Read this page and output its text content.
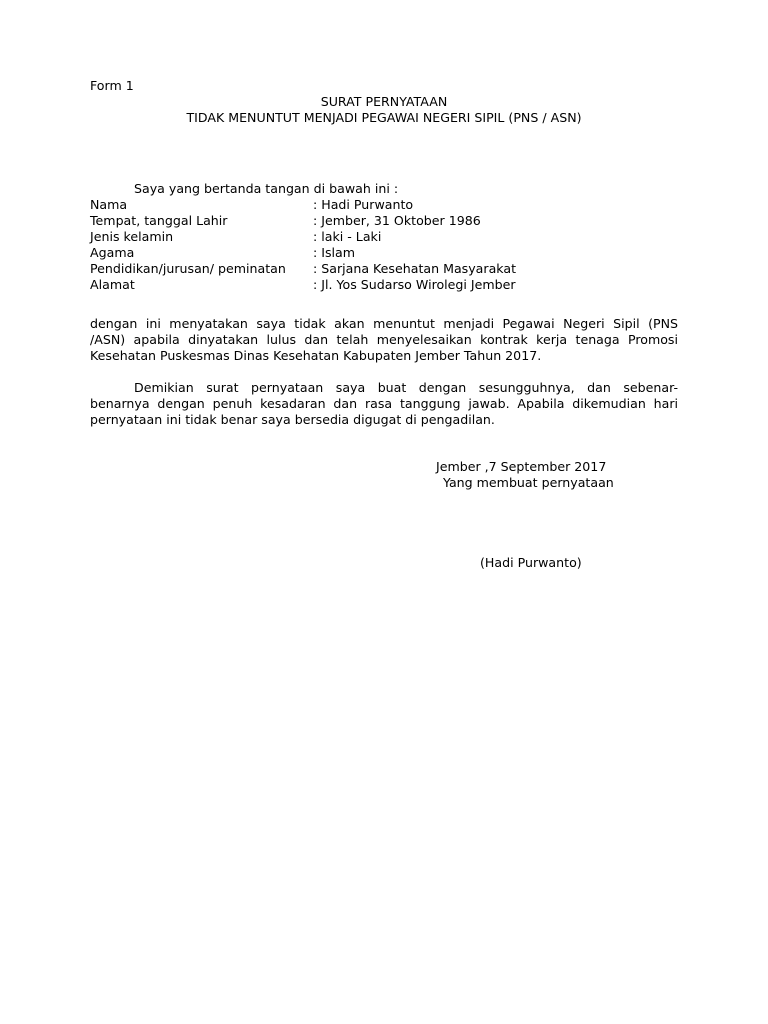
Form 1
SURAT PERNYATAAN
TIDAK MENUNTUT MENJADI PEGAWAI NEGERI SIPIL (PNS / ASN)
Saya yang bertanda tangan di bawah ini :
Nama	: Hadi Purwanto
Tempat, tanggal Lahir	: Jember, 31 Oktober 1986
Jenis kelamin	: laki - Laki
Agama	: Islam
Pendidikan/jurusan/ peminatan : Sarjana Kesehatan Masyarakat
Alamat	: Jl. Yos Sudarso Wirolegi Jember
dengan ini menyatakan saya tidak akan menuntut menjadi Pegawai Negeri Sipil (PNS
/ASN) apabila dinyatakan lulus dan telah menyelesaikan kontrak kerja tenaga Promosi
Kesehatan Puskesmas Dinas Kesehatan Kabupaten Jember Tahun 2017.
Demikian surat pernyataan saya buat dengan sesungguhnya, dan sebenar-
benarnya dengan penuh kesadaran dan rasa tanggung jawab. Apabila dikemudian hari
pernyataan ini tidak benar saya bersedia digugat di pengadilan.
Jember ,7 September 2017
Yang membuat pernyataan
(Hadi Purwanto)
